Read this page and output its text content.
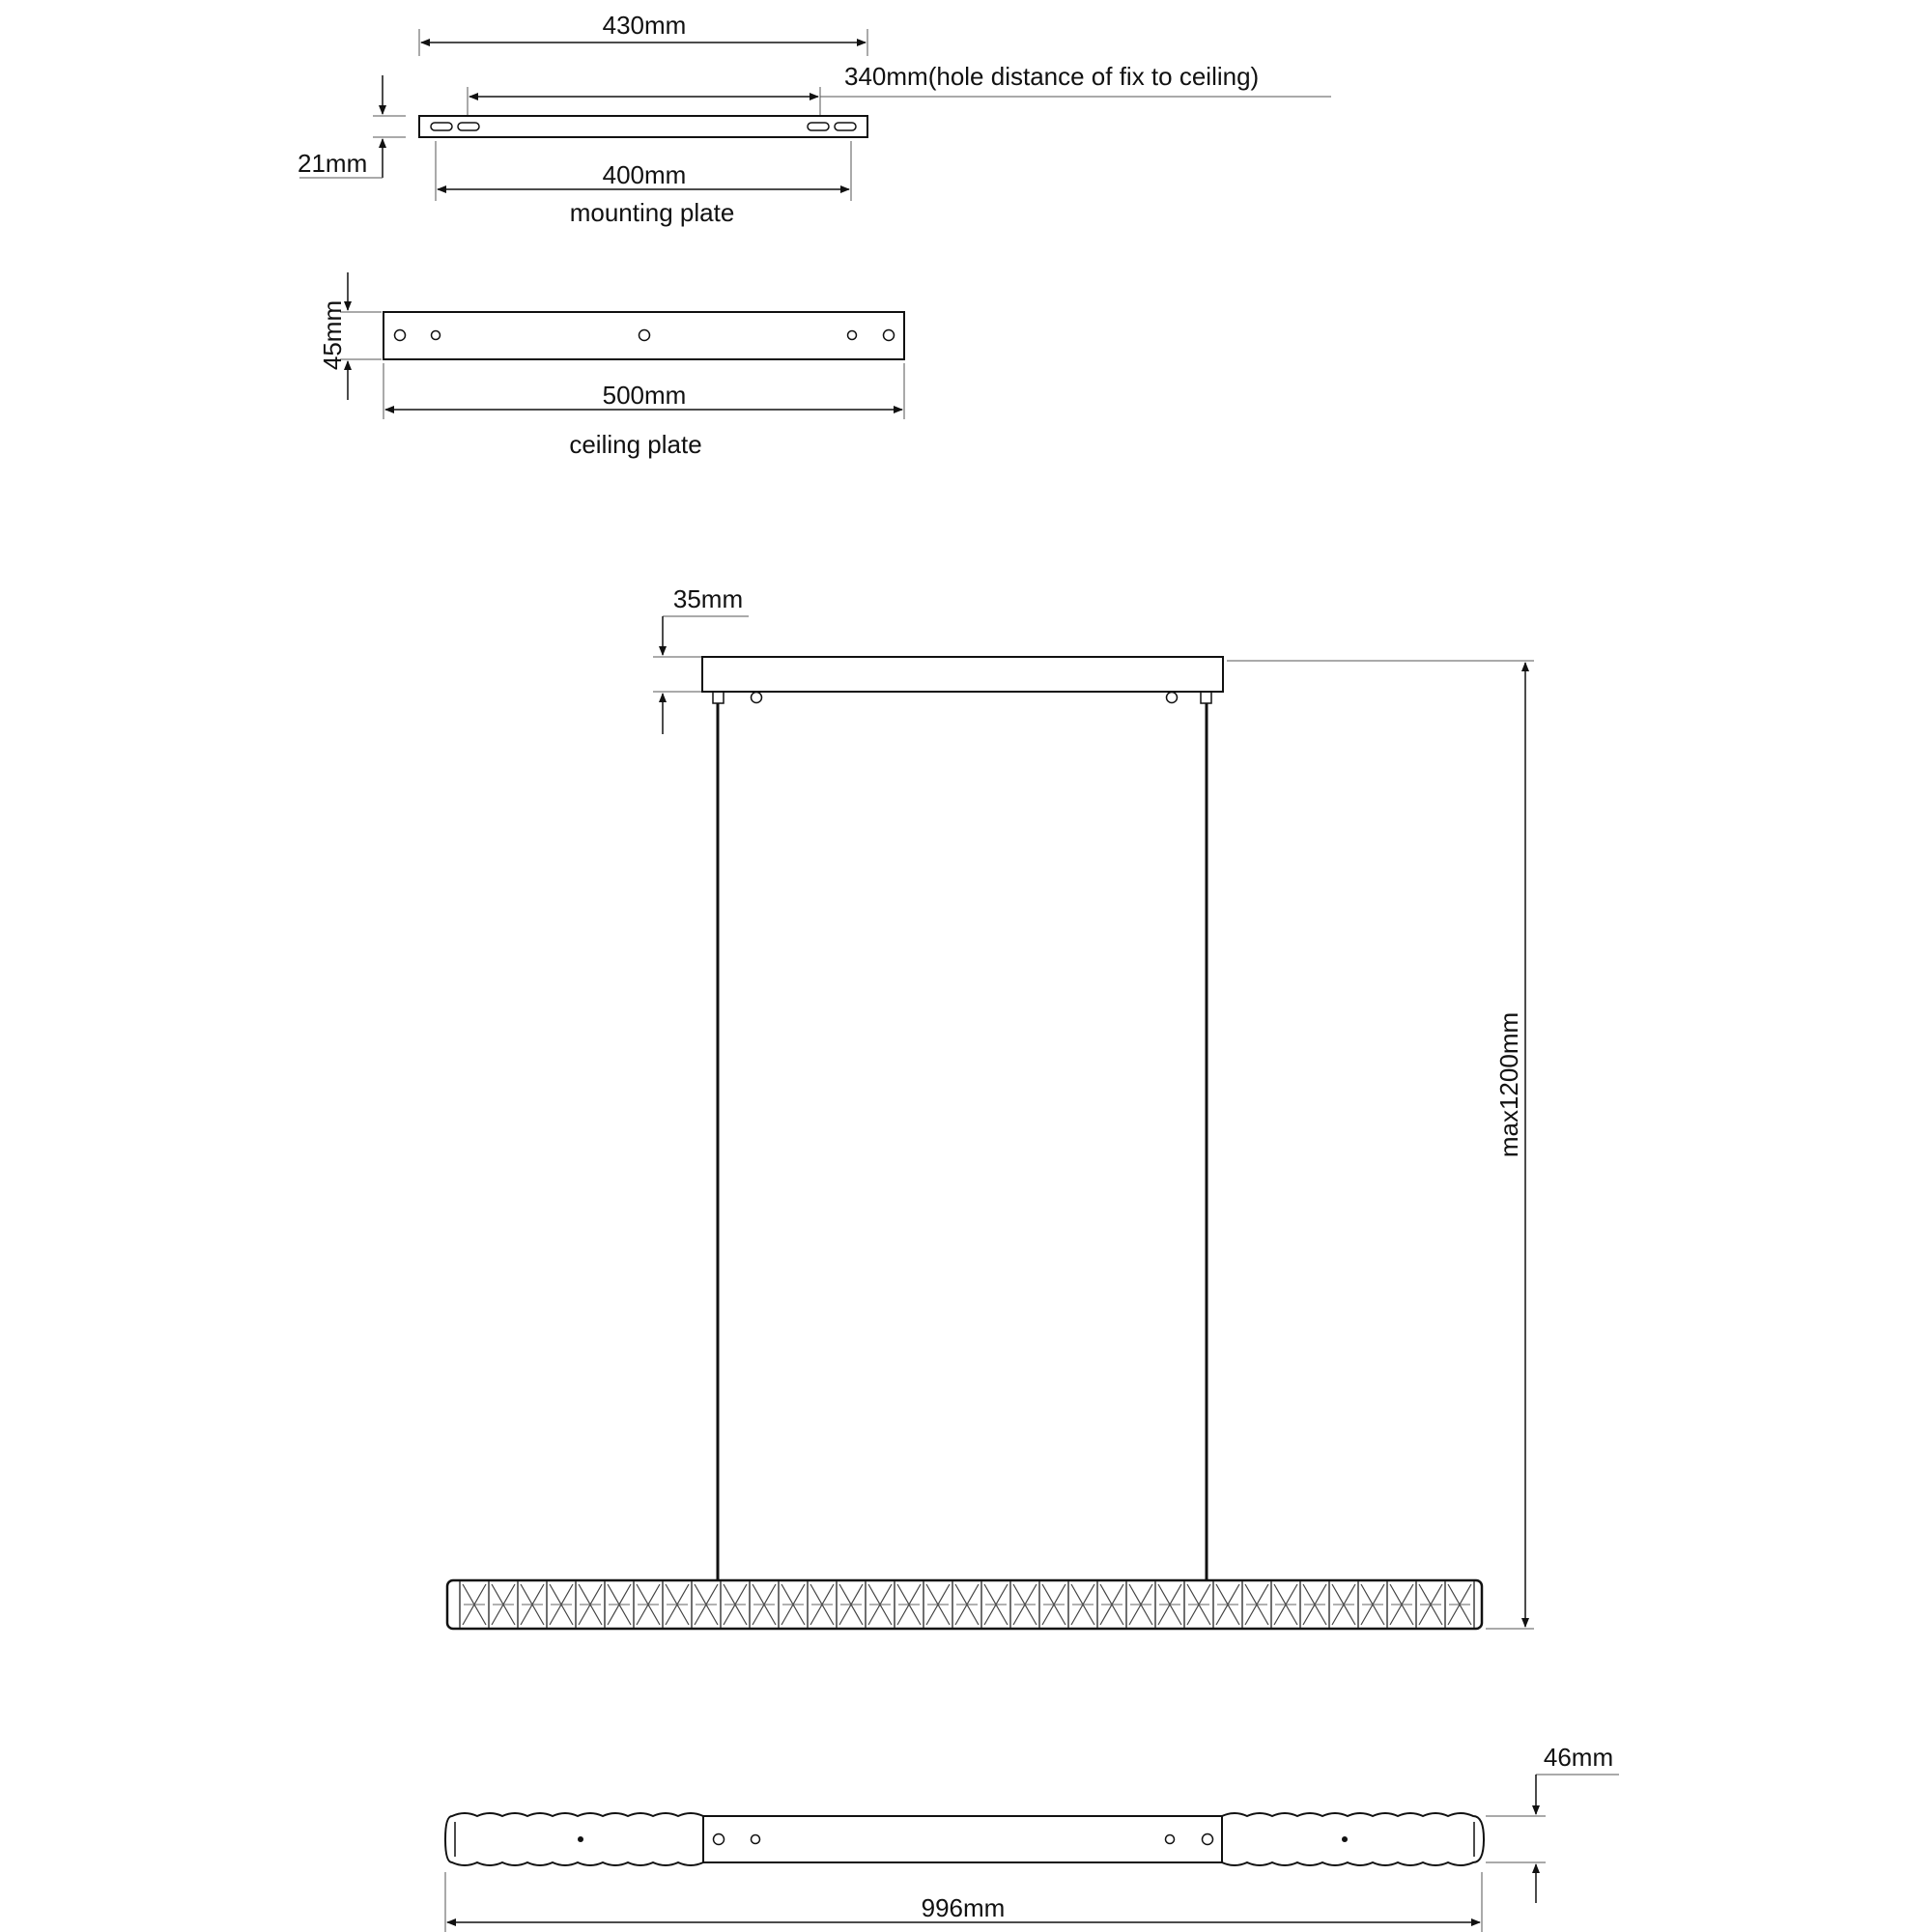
430mm
340mm(hole distance of fix to ceiling)
21mm	400mm
mounting plate
45mm
500mm
ceiling plate
35mm
max1200mm
46mm
996mm
